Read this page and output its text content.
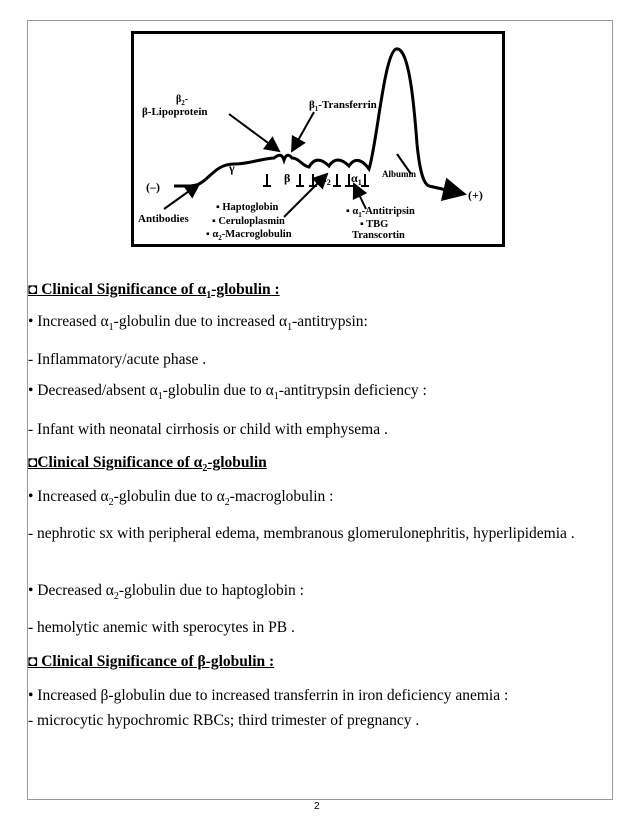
$\beta_2-$
β-Lipoprotein
$\beta_1$-Transferrin
γ
β $\alpha_2$ $\alpha_1$
Albumin
(–)
(+)
Antibodies
▪ Haptoglobin
▪ Ceruloplasmin
▪ $\alpha_2$-Macroglobulin
▪ $\alpha_1$-Antitripsin
▪ TBG
Transcortin
◘ Clinical Significance of $\alpha_1$-globulin :
• Increased $\alpha_1$-globulin due to increased $\alpha_1$-antitrypsin:
- Inflammatory/acute phase .
• Decreased/absent $\alpha_1$-globulin due to $\alpha_1$-antitrypsin deficiency :
- Infant with neonatal cirrhosis or child with emphysema .
◘Clinical Significance of $\alpha_2$-globulin
• Increased $\alpha_2$-globulin due to $\alpha_2$-macroglobulin :
- nephrotic sx with peripheral edema, membranous glomerulonephritis, hyperlipidemia .
• Decreased $\alpha_2$-globulin due to haptoglobin :
- hemolytic anemic with sperocytes in PB .
◘ Clinical Significance of β-globulin :
• Increased β-globulin due to increased transferrin in iron deficiency anemia :
- microcytic hypochromic RBCs; third trimester of pregnancy .
2
